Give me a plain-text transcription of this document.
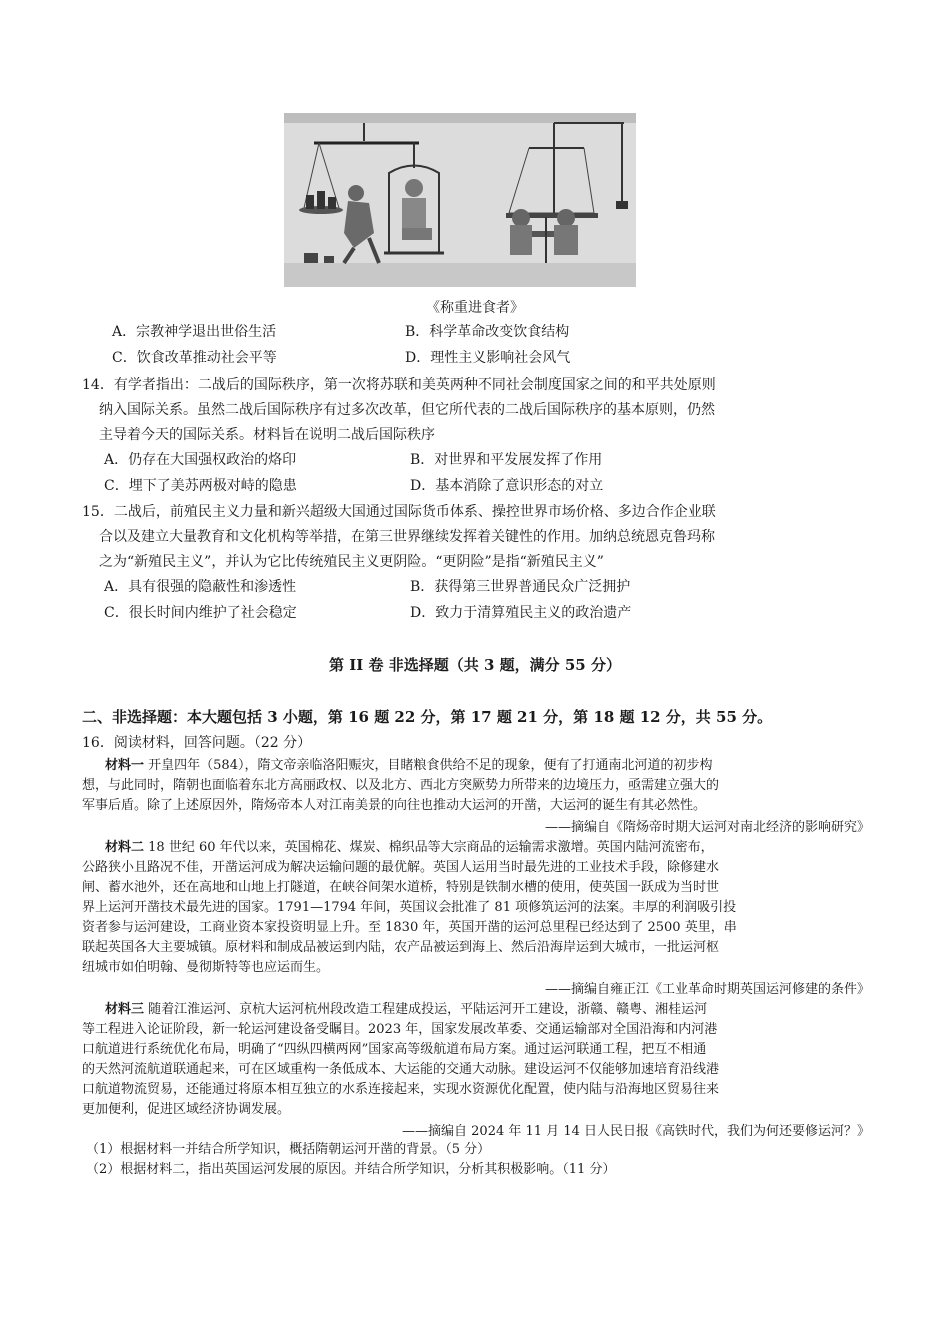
《称重进食者》
A．宗教神学退出世俗生活	B．科学革命改变饮食结构
C．饮食改革推动社会平等	D．理性主义影响社会风气
14．有学者指出：二战后的国际秩序，第一次将苏联和美英两种不同社会制度国家之间的和平共处原则
纳入国际关系。虽然二战后国际秩序有过多次改革，但它所代表的二战后国际秩序的基本原则，仍然
主导着今天的国际关系。材料旨在说明二战后国际秩序
A．仍存在大国强权政治的烙印	B．对世界和平发展发挥了作用
C．埋下了美苏两极对峙的隐患	D．基本消除了意识形态的对立
15．二战后，前殖民主义力量和新兴超级大国通过国际货币体系、操控世界市场价格、多边合作企业联
合以及建立大量教育和文化机构等举措，在第三世界继续发挥着关键性的作用。加纳总统恩克鲁玛称
之为“新殖民主义”，并认为它比传统殖民主义更阴险。“更阴险”是指“新殖民主义”
A．具有很强的隐蔽性和渗透性	B．获得第三世界普通民众广泛拥护
C．很长时间内维护了社会稳定	D．致力于清算殖民主义的政治遗产
第 II 卷 非选择题（共 3 题，满分 55 分）
二、非选择题：本大题包括 3 小题，第 16 题 22 分，第 17 题 21 分，第 18 题 12 分，共 55 分。
16．阅读材料，回答问题。（22 分）
材料一 开皇四年（584），隋文帝亲临洛阳赈灾，目睹粮食供给不足的现象，便有了打通南北河道的初步构
想，与此同时，隋朝也面临着东北方高丽政权、以及北方、西北方突厥势力所带来的边境压力，亟需建立强大的
军事后盾。除了上述原因外，隋炀帝本人对江南美景的向往也推动大运河的开凿，大运河的诞生有其必然性。
——摘编自《隋炀帝时期大运河对南北经济的影响研究》
材料二 18 世纪 60 年代以来，英国棉花、煤炭、棉织品等大宗商品的运输需求激增。英国内陆河流密布，
公路狭小且路况不佳，开凿运河成为解决运输问题的最优解。英国人运用当时最先进的工业技术手段，除修建水
闸、蓄水池外，还在高地和山地上打隧道，在峡谷间架水道桥，特别是铁制水槽的使用，使英国一跃成为当时世
界上运河开凿技术最先进的国家。1791—1794 年间，英国议会批准了 81 项修筑运河的法案。丰厚的利润吸引投
资者参与运河建设，工商业资本家投资明显上升。至 1830 年，英国开凿的运河总里程已经达到了 2500 英里，串
联起英国各大主要城镇。原材料和制成品被运到内陆，农产品被运到海上、然后沿海岸运到大城市，一批运河枢
纽城市如伯明翰、曼彻斯特等也应运而生。
——摘编自雍正江《工业革命时期英国运河修建的条件》
材料三 随着江淮运河、京杭大运河杭州段改造工程建成投运，平陆运河开工建设，浙赣、赣粤、湘桂运河
等工程进入论证阶段，新一轮运河建设备受瞩目。2023 年，国家发展改革委、交通运输部对全国沿海和内河港
口航道进行系统优化布局，明确了“四纵四横两网”国家高等级航道布局方案。通过运河联通工程，把互不相通
的天然河流航道联通起来，可在区域重构一条低成本、大运能的交通大动脉。建设运河不仅能够加速培育沿线港
口航道物流贸易，还能通过将原本相互独立的水系连接起来，实现水资源优化配置，使内陆与沿海地区贸易往来
更加便利，促进区域经济协调发展。
——摘编自 2024 年 11 月 14 日人民日报《高铁时代，我们为何还要修运河？》
（1）根据材料一并结合所学知识，概括隋朝运河开凿的背景。（5 分）
（2）根据材料二，指出英国运河发展的原因。并结合所学知识，分析其积极影响。（11 分）
